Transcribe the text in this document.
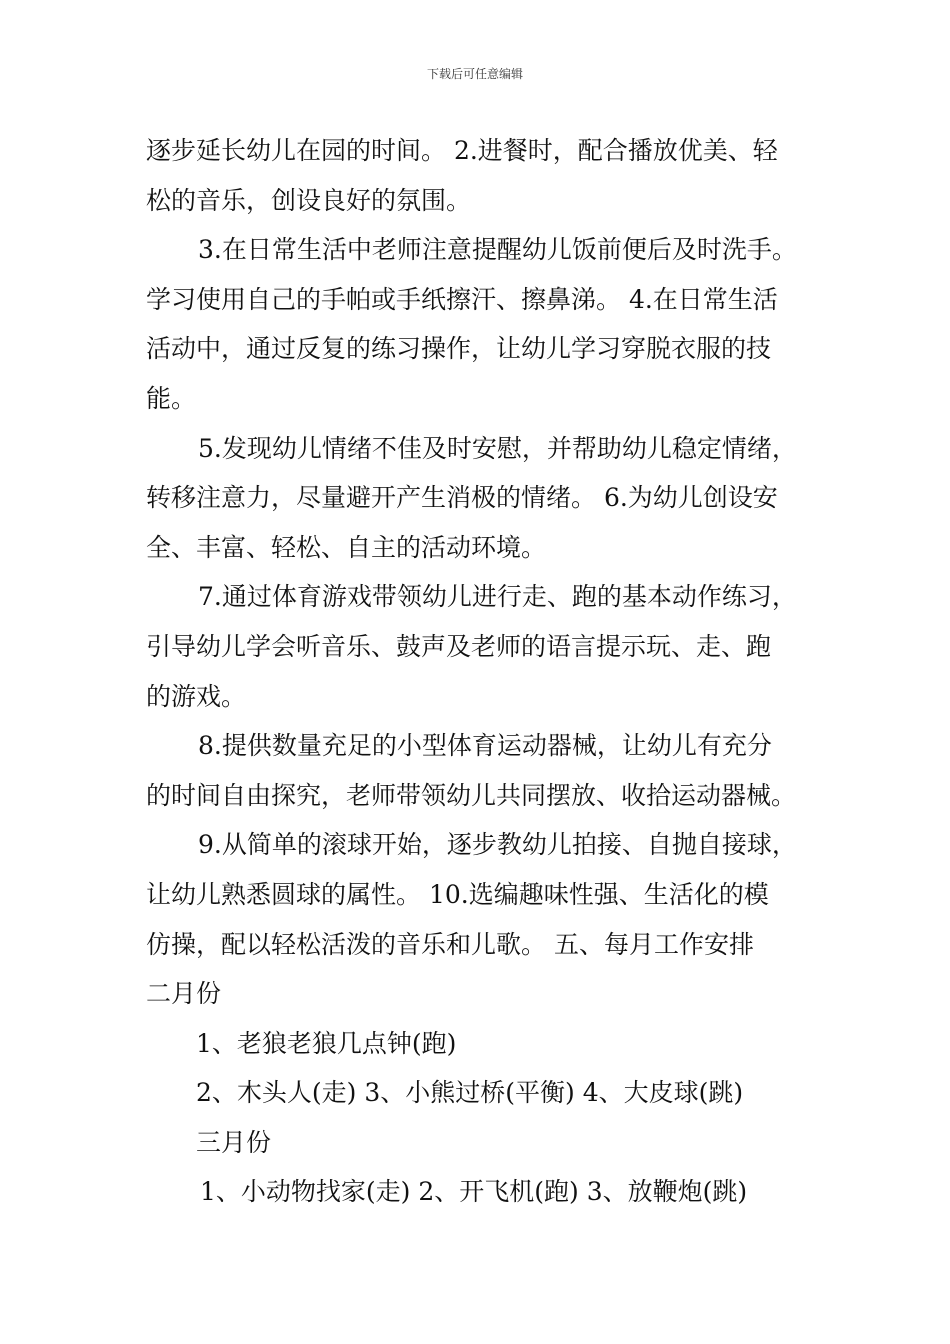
下载后可任意编辑
逐步延长幼儿在园的时间。 2.进餐时，配合播放优美、轻
松的音乐，创设良好的氛围。
3.在日常生活中老师注意提醒幼儿饭前便后及时洗手。
学习使用自己的手帕或手纸擦汗、擦鼻涕。 4.在日常生活
活动中，通过反复的练习操作，让幼儿学习穿脱衣服的技
能。
5.发现幼儿情绪不佳及时安慰，并帮助幼儿稳定情绪，
转移注意力，尽量避开产生消极的情绪。 6.为幼儿创设安
全、丰富、轻松、自主的活动环境。
7.通过体育游戏带领幼儿进行走、跑的基本动作练习，
引导幼儿学会听音乐、鼓声及老师的语言提示玩、走、跑
的游戏。
8.提供数量充足的小型体育运动器械，让幼儿有充分
的时间自由探究，老师带领幼儿共同摆放、收拾运动器械。
9.从简单的滚球开始，逐步教幼儿拍接、自抛自接球，
让幼儿熟悉圆球的属性。 10.选编趣味性强、生活化的模
仿操，配以轻松活泼的音乐和儿歌。 五、每月工作安排
二月份
1、老狼老狼几点钟(跑)
2、木头人(走) 3、小熊过桥(平衡) 4、大皮球(跳)
三月份
1、小动物找家(走) 2、开飞机(跑) 3、放鞭炮(跳)
